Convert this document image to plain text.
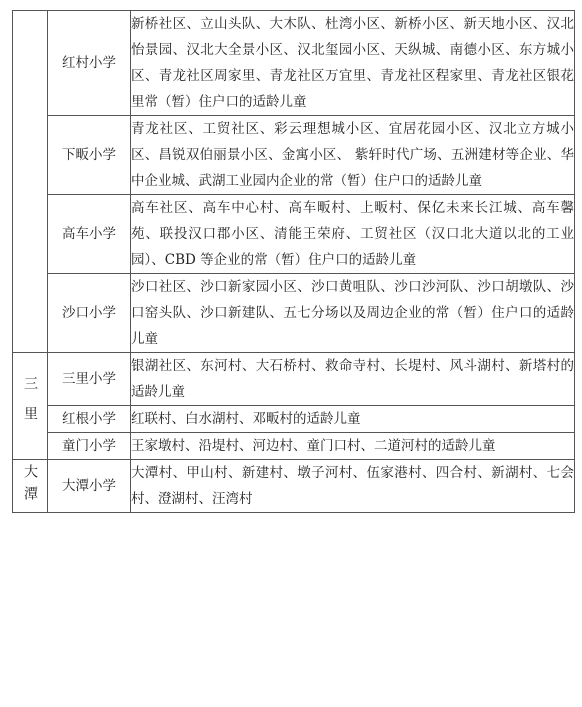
	红村小学	新桥社区、立山头队、大木队、杜湾小区、新桥小区、新天地小区、汉北怡景园、汉北大全景小区、汉北玺园小区、天纵城、南德小区、东方城小区、青龙社区周家里、青龙社区万宜里、青龙社区程家里、青龙社区银花里常（暂）住户口的适龄儿童
	下畈小学	青龙社区、工贸社区、彩云理想城小区、宜居花园小区、汉北立方城小区、昌锐双伯丽景小区、金寓小区、 紫轩时代广场、五洲建材等企业、华中企业城、武湖工业园内企业的常（暂）住户口的适龄儿童
	高车小学	高车社区、高车中心村、高车畈村、上畈村、保亿未来长江城、高车馨苑、联投汉口郡小区、清能王荣府、工贸社区（汉口北大道以北的工业园）、CBD 等企业的常（暂）住户口的适龄儿童
	沙口小学	沙口社区、沙口新家园小区、沙口黄咀队、沙口沙河队、沙口胡墩队、沙口窑头队、沙口新建队、五七分场以及周边企业的常（暂）住户口的适龄儿童

三里	三里小学	银湖社区、东河村、大石桥村、救命寺村、长堤村、风斗湖村、新塔村的适龄儿童
	红根小学	红联村、白水湖村、邓畈村的适龄儿童
	童门小学	王家墩村、沿堤村、河边村、童门口村、二道河村的适龄儿童

大潭	大潭小学	大潭村、甲山村、新建村、墩子河村、伍家港村、四合村、新湖村、七会村、澄湖村、汪湾村
